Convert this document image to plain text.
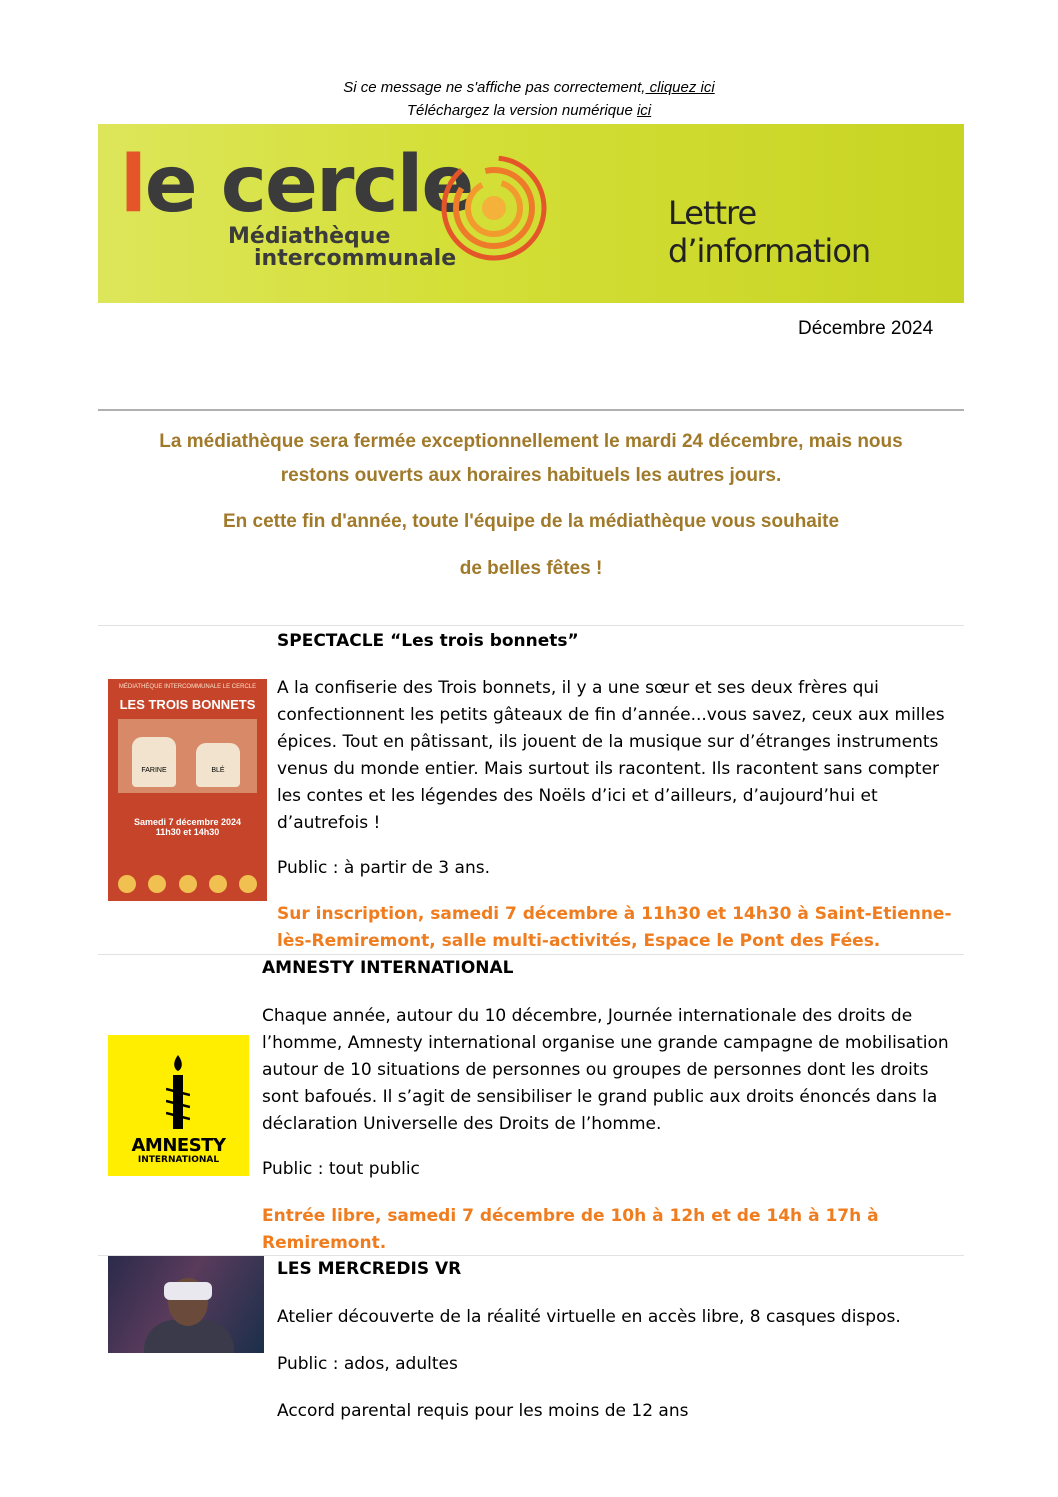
Si ce message ne s'affiche pas correctement, cliquez ici
Téléchargez la version numérique ici
le cercle
Médiathèque
intercommunale
Lettre d’information
Décembre 2024
La médiathèque sera fermée exceptionnellement le mardi 24 décembre, mais nous
restons ouverts aux horaires habituels les autres jours.
En cette fin d'année, toute l'équipe de la médiathèque vous souhaite
de belles fêtes !
MÉDIATHÈQUE INTERCOMMUNALE LE CERCLE
LES TROIS BONNETS
FARINE	BLÉ
Samedi 7 décembre 2024
11h30 et 14h30
SPECTACLE “Les trois bonnets”

A la confiserie des Trois bonnets, il y a une sœur et ses deux frères qui confectionnent les petits gâteaux de fin d’année...vous savez, ceux aux milles épices. Tout en pâtissant, ils jouent de la musique sur d’étranges instruments venus du monde entier. Mais surtout ils racontent. Ils racontent sans compter les contes et les légendes des Noëls d’ici et d’ailleurs, d’aujourd’hui et d’autrefois !

Public : à partir de 3 ans.

Sur inscription, samedi 7 décembre à 11h30 et 14h30 à Saint-Etienne-lès-Remiremont, salle multi-activités, Espace le Pont des Fées.

AMNESTY
INTERNATIONAL
AMNESTY INTERNATIONAL

Chaque année, autour du 10 décembre, Journée internationale des droits de l’homme, Amnesty international organise une grande campagne de mobilisation autour de 10 situations de personnes ou groupes de personnes dont les droits sont bafoués. Il s’agit de sensibiliser le grand public aux droits énoncés dans la déclaration Universelle des Droits de l’homme.

Public : tout public

Entrée libre, samedi 7 décembre de 10h à 12h et de 14h à 17h à Remiremont.

LES MERCREDIS VR

Atelier découverte de la réalité virtuelle en accès libre, 8 casques dispos.

Public : ados, adultes

Accord parental requis pour les moins de 12 ans
